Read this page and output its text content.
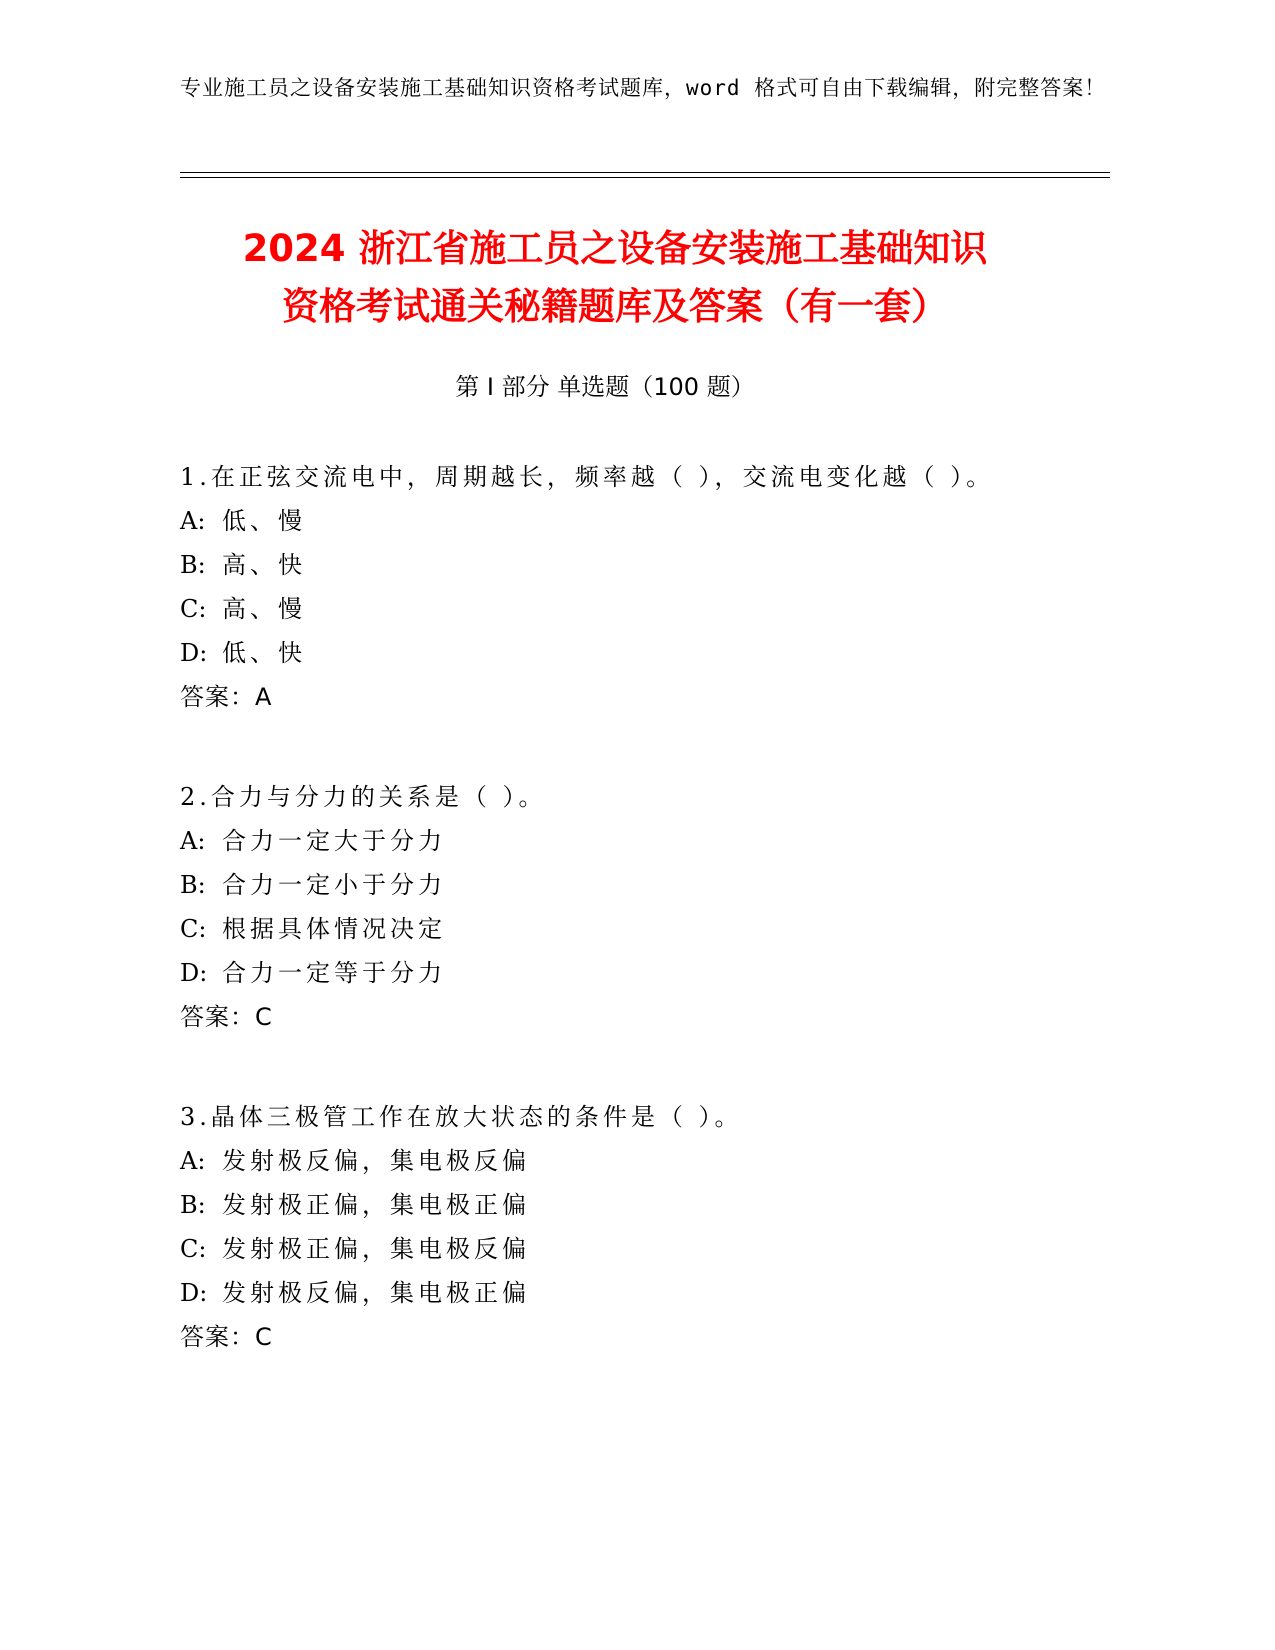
专业施工员之设备安装施工基础知识资格考试题库，word 格式可自由下载编辑，附完整答案！
2024 浙江省施工员之设备安装施工基础知识
资格考试通关秘籍题库及答案（有一套）
第 I 部分 单选题（100 题）
1.在正弦交流电中，周期越长，频率越（ ），交流电变化越（ ）。
A: 低、慢
B: 高、快
C: 高、慢
D: 低、快
答案：A
2.合力与分力的关系是（ ）。
A: 合力一定大于分力
B: 合力一定小于分力
C: 根据具体情况决定
D: 合力一定等于分力
答案：C
3.晶体三极管工作在放大状态的条件是（ ）。
A: 发射极反偏，集电极反偏
B: 发射极正偏，集电极正偏
C: 发射极正偏，集电极反偏
D: 发射极反偏，集电极正偏
答案：C
